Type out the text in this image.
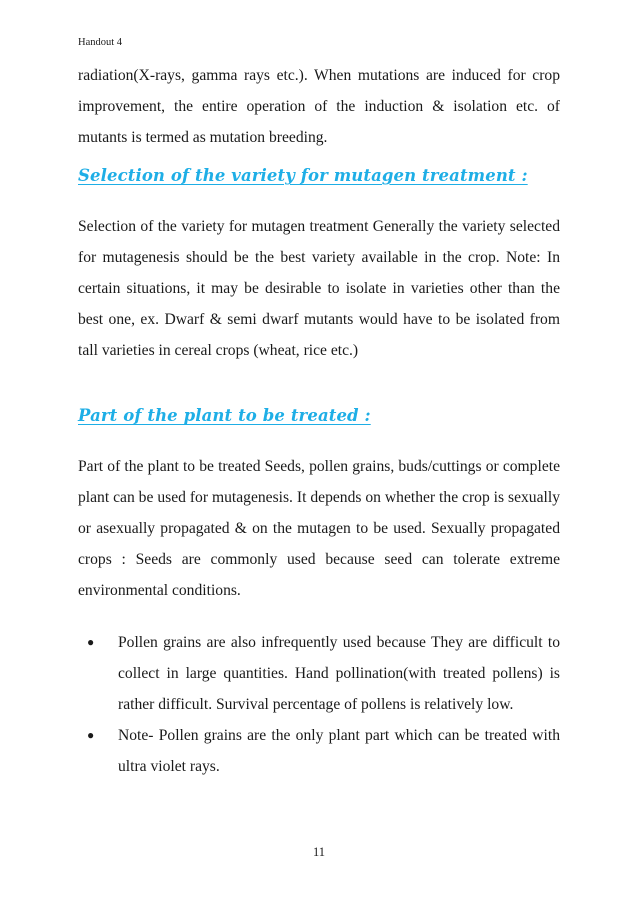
Handout 4

radiation(X-rays, gamma rays etc.). When mutations are induced for crop improvement, the entire operation of the induction & isolation etc. of mutants is termed as mutation breeding.

Selection of the variety for mutagen treatment :

Selection of the variety for mutagen treatment Generally the variety selected for mutagenesis should be the best variety available in the crop. Note: In certain situations, it may be desirable to isolate in varieties other than the best one, ex. Dwarf & semi dwarf mutants would have to be isolated from tall varieties in cereal crops (wheat, rice etc.)

Part of the plant to be treated :

Part of the plant to be treated Seeds, pollen grains, buds/cuttings or complete plant can be used for mutagenesis. It depends on whether the crop is sexually or asexually propagated & on the mutagen to be used. Sexually propagated crops : Seeds are commonly used because seed can tolerate extreme environmental conditions.

● Pollen grains are also infrequently used because They are difficult to collect in large quantities. Hand pollination(with treated pollens) is rather difficult. Survival percentage of pollens is relatively low.
● Note- Pollen grains are the only plant part which can be treated with ultra violet rays.
11
